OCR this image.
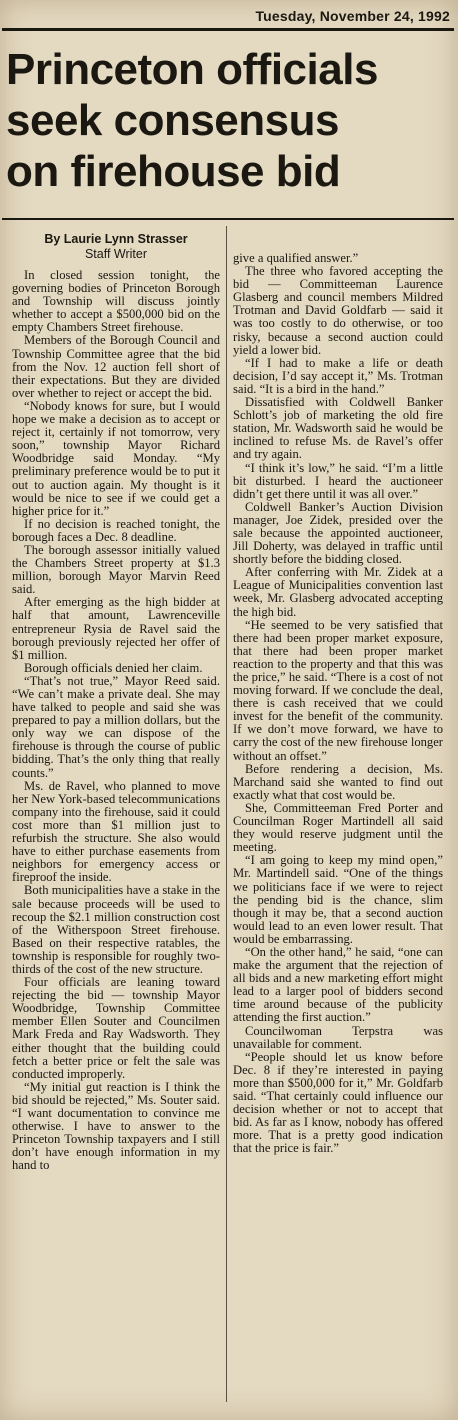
Tuesday, November 24, 1992
Princeton officials
seek consensus
on firehouse bid
By Laurie Lynn Strasser
Staff Writer

In closed session tonight, the governing bodies of Princeton Borough and Township will discuss jointly whether to accept a $500,000 bid on the empty Chambers Street firehouse.

Members of the Borough Council and Township Committee agree that the bid from the Nov. 12 auction fell short of their expectations. But they are divided over whether to reject or accept the bid.

“Nobody knows for sure, but I would hope we make a decision as to accept or reject it, certainly if not tomorrow, very soon,” township Mayor Richard Woodbridge said Monday. “My preliminary preference would be to put it out to auction again. My thought is it would be nice to see if we could get a higher price for it.”

If no decision is reached tonight, the borough faces a Dec. 8 deadline.

The borough assessor initially valued the Chambers Street property at $1.3 million, borough Mayor Marvin Reed said.

After emerging as the high bidder at half that amount, Lawrenceville entrepreneur Rysia de Ravel said the borough previously rejected her offer of $1 million.

Borough officials denied her claim.

“That’s not true,” Mayor Reed said. “We can’t make a private deal. She may have talked to people and said she was prepared to pay a million dollars, but the only way we can dispose of the firehouse is through the course of public bidding. That’s the only thing that really counts.”

Ms. de Ravel, who planned to move her New York-based telecommunications company into the firehouse, said it could cost more than $1 million just to refurbish the structure. She also would have to either purchase easements from neighbors for emergency access or fireproof the inside.

Both municipalities have a stake in the sale because proceeds will be used to recoup the $2.1 million construction cost of the Witherspoon Street firehouse. Based on their respective ratables, the township is responsible for roughly two-thirds of the cost of the new structure.

Four officials are leaning toward rejecting the bid — township Mayor Woodbridge, Township Committee member Ellen Souter and Councilmen Mark Freda and Ray Wadsworth. They either thought that the building could fetch a better price or felt the sale was conducted improperly.

“My initial gut reaction is I think the bid should be rejected,” Ms. Souter said. “I want documentation to convince me otherwise. I have to answer to the Princeton Township taxpayers and I still don’t have enough information in my hand to

give a qualified answer.”

The three who favored accepting the bid — Committeeman Laurence Glasberg and council members Mildred Trotman and David Goldfarb — said it was too costly to do otherwise, or too risky, because a second auction could yield a lower bid.

“If I had to make a life or death decision, I’d say accept it,” Ms. Trotman said. “It is a bird in the hand.”

Dissatisfied with Coldwell Banker Schlott’s job of marketing the old fire station, Mr. Wadsworth said he would be inclined to refuse Ms. de Ravel’s offer and try again.

“I think it’s low,” he said. “I’m a little bit disturbed. I heard the auctioneer didn’t get there until it was all over.”

Coldwell Banker’s Auction Division manager, Joe Zidek, presided over the sale because the appointed auctioneer, Jill Doherty, was delayed in traffic until shortly before the bidding closed.

After conferring with Mr. Zidek at a League of Municipalities convention last week, Mr. Glasberg advocated accepting the high bid.

“He seemed to be very satisfied that there had been proper market exposure, that there had been proper market reaction to the property and that this was the price,” he said. “There is a cost of not moving forward. If we conclude the deal, there is cash received that we could invest for the benefit of the community. If we don’t move forward, we have to carry the cost of the new firehouse longer without an offset.”

Before rendering a decision, Ms. Marchand said she wanted to find out exactly what that cost would be.

She, Committeeman Fred Porter and Councilman Roger Martindell all said they would reserve judgment until the meeting.

“I am going to keep my mind open,” Mr. Martindell said. “One of the things we politicians face if we were to reject the pending bid is the chance, slim though it may be, that a second auction would lead to an even lower result. That would be embarrassing.

“On the other hand,” he said, “one can make the argument that the rejection of all bids and a new marketing effort might lead to a larger pool of bidders second time around because of the publicity attending the first auction.”

Councilwoman Terpstra was unavailable for comment.

“People should let us know before Dec. 8 if they’re interested in paying more than $500,000 for it,” Mr. Goldfarb said. “That certainly could influence our decision whether or not to accept that bid. As far as I know, nobody has offered more. That is a pretty good indication that the price is fair.”
